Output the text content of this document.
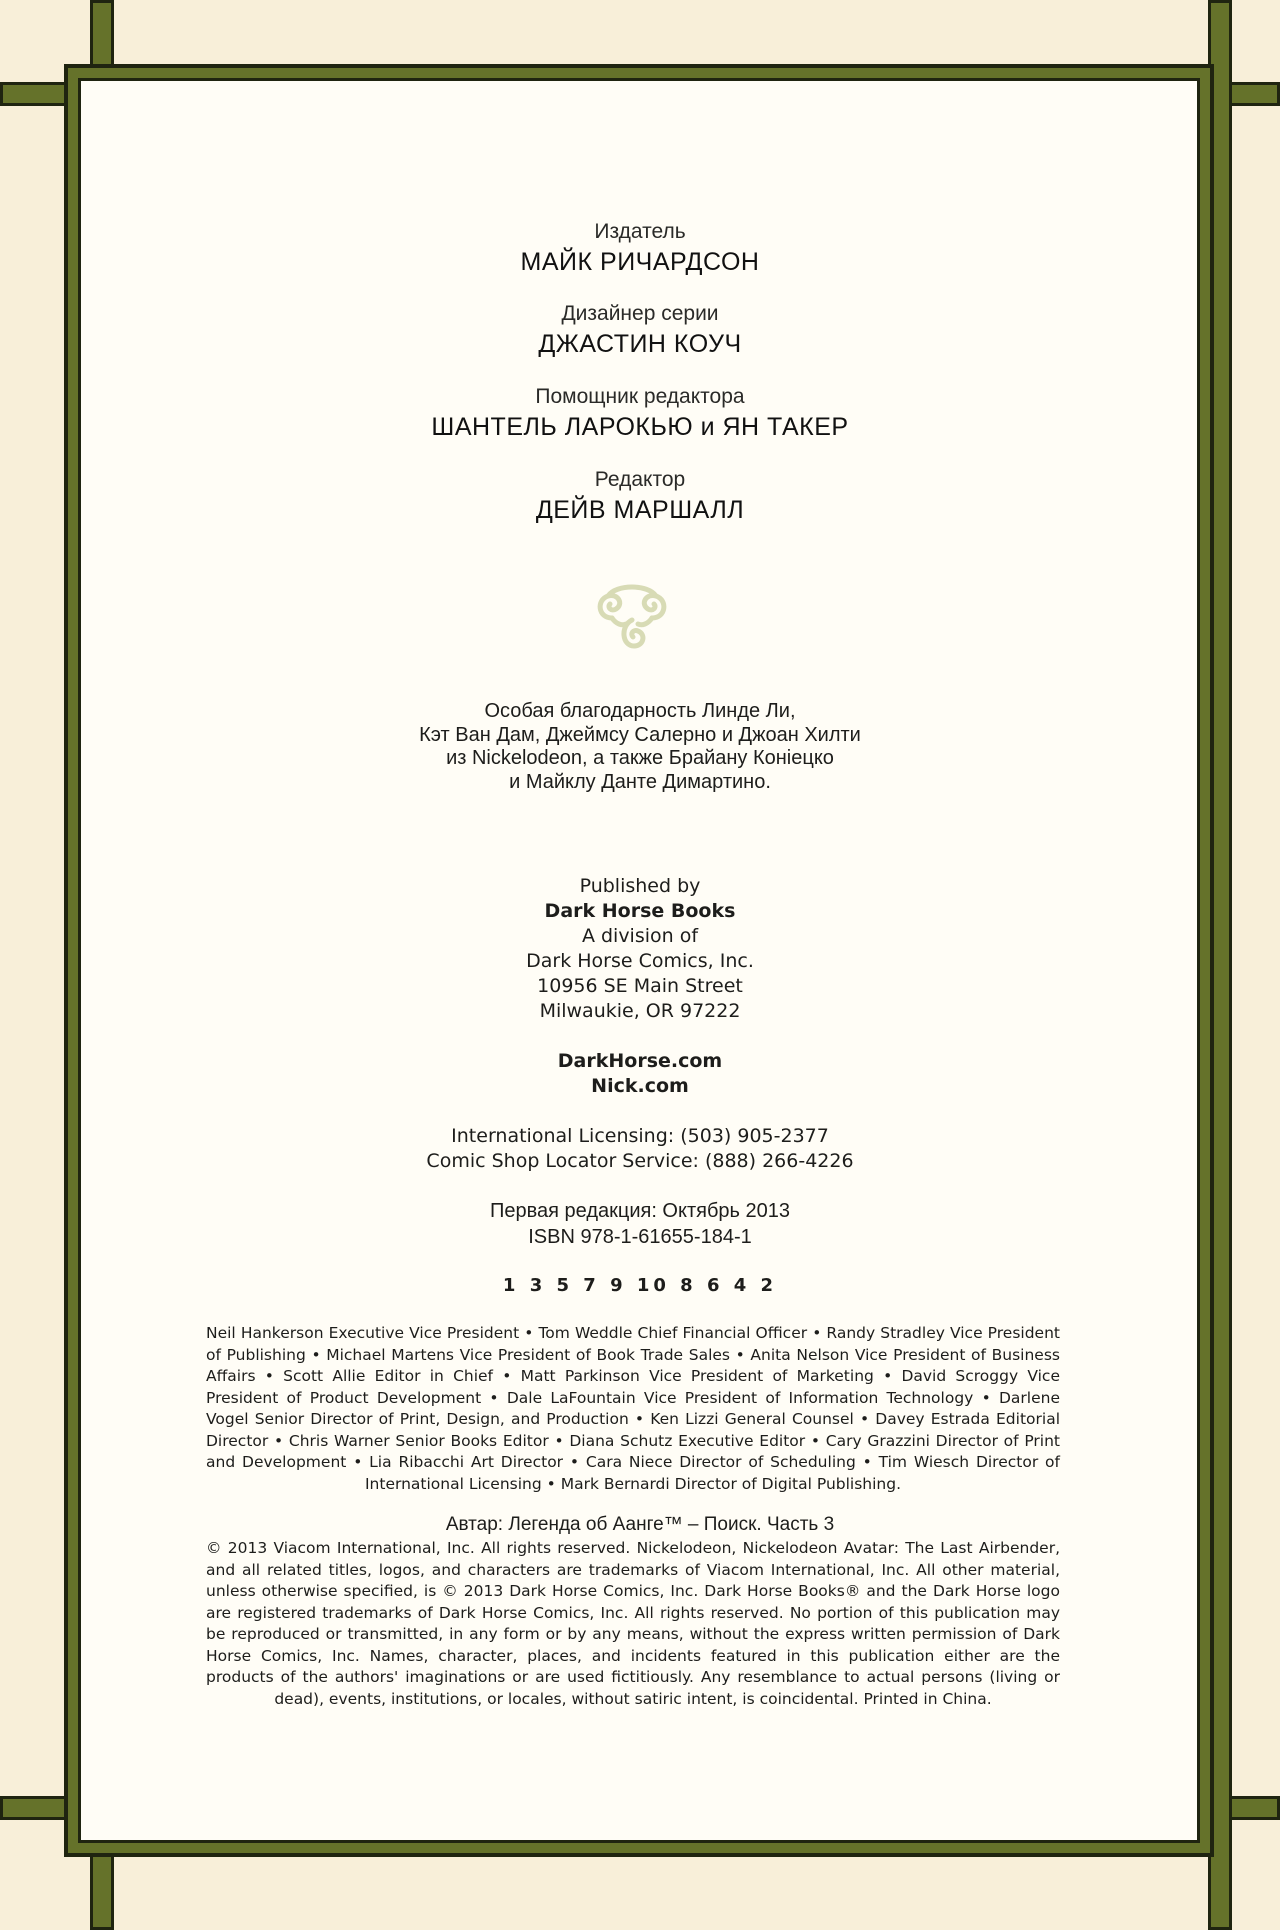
Издатель
МАЙК РИЧАРДСОН
Дизайнер серии
ДЖАСТИН КОУЧ
Помощник редактора
ШАНТЕЛЬ ЛАРОКЬЮ и ЯН ТАКЕР
Редактор
ДЕЙВ МАРШАЛЛ

Особая благодарность Линде Ли,

Кэт Ван Дам, Джеймсу Салерно и Джоан Хилти

из Nickelodeon, а также Брайану Конiецко

и Майклу Данте Димартино.

Published by

Dark Horse Books

A division of

Dark Horse Comics, Inc.

10956 SE Main Street

Milwaukie, OR 97222

DarkHorse.com

Nick.com

International Licensing: (503) 905-2377

Comic Shop Locator Service: (888) 266-4226

Первая редакция: Октябрь 2013

ISBN 978-1-61655-184-1

1 3 5 7 9 10 8 6 4 2
Neil Hankerson Executive Vice President • Tom Weddle Chief Financial Officer • Randy Stradley Vice President of Publishing • Michael Martens Vice President of Book Trade Sales • Anita Nelson Vice President of Business Affairs • Scott Allie Editor in Chief • Matt Parkinson Vice President of Marketing • David Scroggy Vice President of Product Development • Dale LaFountain Vice President of Information Technology • Darlene Vogel Senior Director of Print, Design, and Production • Ken Lizzi General Counsel • Davey Estrada Editorial Director • Chris Warner Senior Books Editor • Diana Schutz Executive Editor • Cary Grazzini Director of Print and Development • Lia Ribacchi Art Director • Cara Niece Director of Scheduling • Tim Wiesch Director of International Licensing • Mark Bernardi Director of Digital Publishing.
Автар: Легенда об Аанге™ – Поиск. Часть 3
© 2013 Viacom International, Inc. All rights reserved. Nickelodeon, Nickelodeon Avatar: The Last Airbender, and all related titles, logos, and characters are trademarks of Viacom International, Inc. All other material, unless otherwise specified, is © 2013 Dark Horse Comics, Inc. Dark Horse Books® and the Dark Horse logo are registered trademarks of Dark Horse Comics, Inc. All rights reserved. No portion of this publication may be reproduced or transmitted, in any form or by any means, without the express written permission of Dark Horse Comics, Inc. Names, character, places, and incidents featured in this publication either are the products of the authors' imaginations or are used fictitiously. Any resemblance to actual persons (living or dead), events, institutions, or locales, without satiric intent, is coincidental. Printed in China.
